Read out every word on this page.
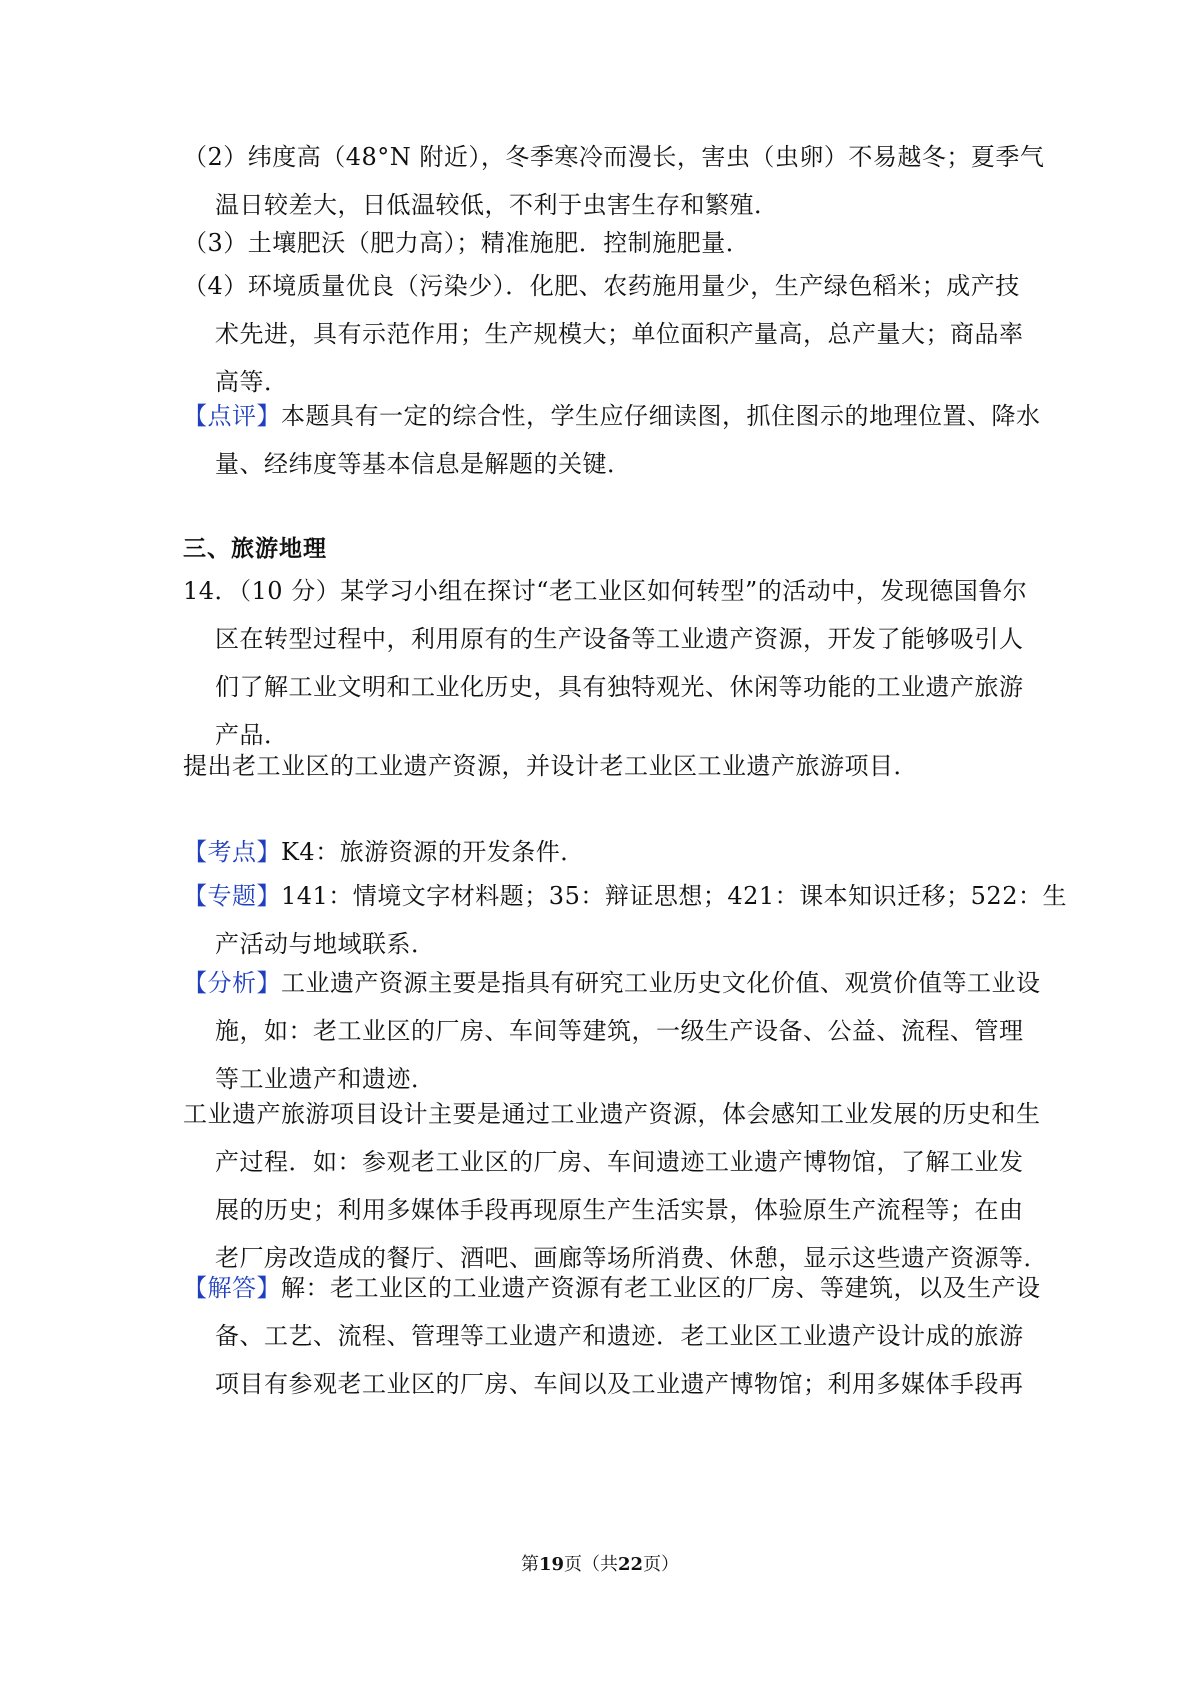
（2）纬度高（48°N 附近），冬季寒冷而漫长，害虫（虫卵）不易越冬；夏季气
温日较差大，日低温较低，不利于虫害生存和繁殖．
（3）土壤肥沃（肥力高）；精准施肥．控制施肥量．
（4）环境质量优良（污染少）．化肥、农药施用量少，生产绿色稻米；成产技
术先进，具有示范作用；生产规模大；单位面积产量高，总产量大；商品率
高等．
【点评】本题具有一定的综合性，学生应仔细读图，抓住图示的地理位置、降水
量、经纬度等基本信息是解题的关键．
三、旅游地理
14．（10 分）某学习小组在探讨“老工业区如何转型”的活动中，发现德国鲁尔
区在转型过程中，利用原有的生产设备等工业遗产资源，开发了能够吸引人
们了解工业文明和工业化历史，具有独特观光、休闲等功能的工业遗产旅游
产品．
提出老工业区的工业遗产资源，并设计老工业区工业遗产旅游项目．
【考点】K4：旅游资源的开发条件．
【专题】141：情境文字材料题；35：辩证思想；421：课本知识迁移；522：生
产活动与地域联系．
【分析】工业遗产资源主要是指具有研究工业历史文化价值、观赏价值等工业设
施，如：老工业区的厂房、车间等建筑，一级生产设备、公益、流程、管理
等工业遗产和遗迹．
工业遗产旅游项目设计主要是通过工业遗产资源，体会感知工业发展的历史和生
产过程．如：参观老工业区的厂房、车间遗迹工业遗产博物馆，了解工业发
展的历史；利用多媒体手段再现原生产生活实景，体验原生产流程等；在由
老厂房改造成的餐厅、酒吧、画廊等场所消费、休憩，显示这些遗产资源等．
【解答】解：老工业区的工业遗产资源有老工业区的厂房、等建筑，以及生产设
备、工艺、流程、管理等工业遗产和遗迹．老工业区工业遗产设计成的旅游
项目有参观老工业区的厂房、车间以及工业遗产博物馆；利用多媒体手段再
第19页（共22页）
